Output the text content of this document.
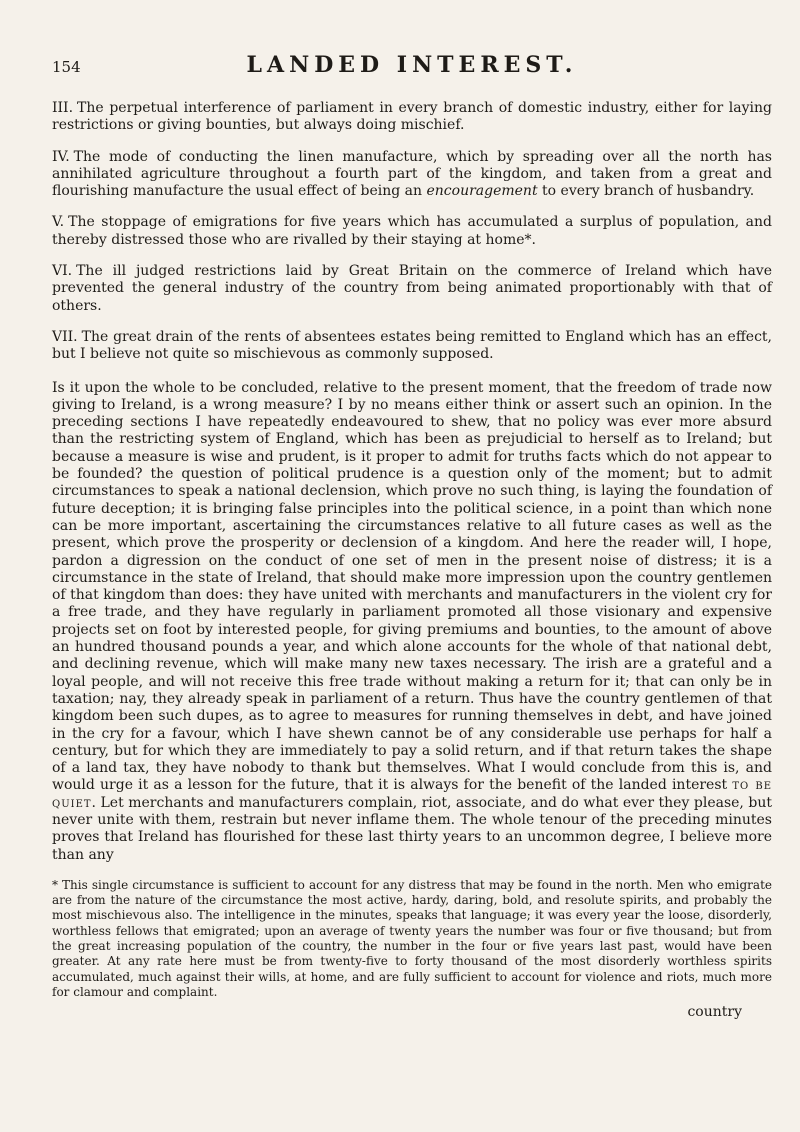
154	LANDED INTEREST.

III. The perpetual interference of parliament in every branch of domestic industry, either for laying restrictions or giving bounties, but always doing mischief.

IV. The mode of conducting the linen manufacture, which by spreading over all the north has annihilated agriculture throughout a fourth part of the kingdom, and taken from a great and flourishing manufacture the usual effect of being an encouragement to every branch of husbandry.

V. The stoppage of emigrations for five years which has accumulated a surplus of population, and thereby distressed those who are rivalled by their staying at home*.

VI. The ill judged restrictions laid by Great Britain on the commerce of Ireland which have prevented the general industry of the country from being animated proportionably with that of others.

VII. The great drain of the rents of absentees estates being remitted to England which has an effect, but I believe not quite so mischievous as commonly supposed.

Is it upon the whole to be concluded, relative to the present moment, that the freedom of trade now giving to Ireland, is a wrong measure? I by no means either think or assert such an opinion. In the preceding sections I have repeatedly endeavoured to shew, that no policy was ever more absurd than the restricting system of England, which has been as prejudicial to herself as to Ireland; but because a measure is wise and prudent, is it proper to admit for truths facts which do not appear to be founded? the question of political prudence is a question only of the moment; but to admit circumstances to speak a national declension, which prove no such thing, is laying the foundation of future deception; it is bringing false principles into the political science, in a point than which none can be more important, ascertaining the circumstances relative to all future cases as well as the present, which prove the prosperity or declension of a kingdom. And here the reader will, I hope, pardon a digression on the conduct of one set of men in the present noise of distress; it is a circumstance in the state of Ireland, that should make more impression upon the country gentlemen of that kingdom than does: they have united with merchants and manufacturers in the violent cry for a free trade, and they have regularly in parliament promoted all those visionary and expensive projects set on foot by interested people, for giving premiums and bounties, to the amount of above an hundred thousand pounds a year, and which alone accounts for the whole of that national debt, and declining revenue, which will make many new taxes necessary. The irish are a grateful and a loyal people, and will not receive this free trade without making a return for it; that can only be in taxation; nay, they already speak in parliament of a return. Thus have the country gentlemen of that kingdom been such dupes, as to agree to measures for running themselves in debt, and have joined in the cry for a favour, which I have shewn cannot be of any considerable use perhaps for half a century, but for which they are immediately to pay a solid return, and if that return takes the shape of a land tax, they have nobody to thank but themselves. What I would conclude from this is, and would urge it as a lesson for the future, that it is always for the benefit of the landed interest to be quiet. Let merchants and manufacturers complain, riot, associate, and do what ever they please, but never unite with them, restrain but never inflame them. The whole tenour of the preceding minutes proves that Ireland has flourished for these last thirty years to an uncommon degree, I believe more than any

* This single circumstance is sufficient to account for any distress that may be found in the north. Men who emigrate are from the nature of the circumstance the most active, hardy, daring, bold, and resolute spirits, and probably the most mischievous also. The intelligence in the minutes, speaks that language; it was every year the loose, disorderly, worthless fellows that emigrated; upon an average of twenty years the number was four or five thousand; but from the great increasing population of the country, the number in the four or five years last past, would have been greater. At any rate here must be from twenty-five to forty thousand of the most disorderly worthless spirits accumulated, much against their wills, at home, and are fully sufficient to account for violence and riots, much more for clamour and complaint.

country
